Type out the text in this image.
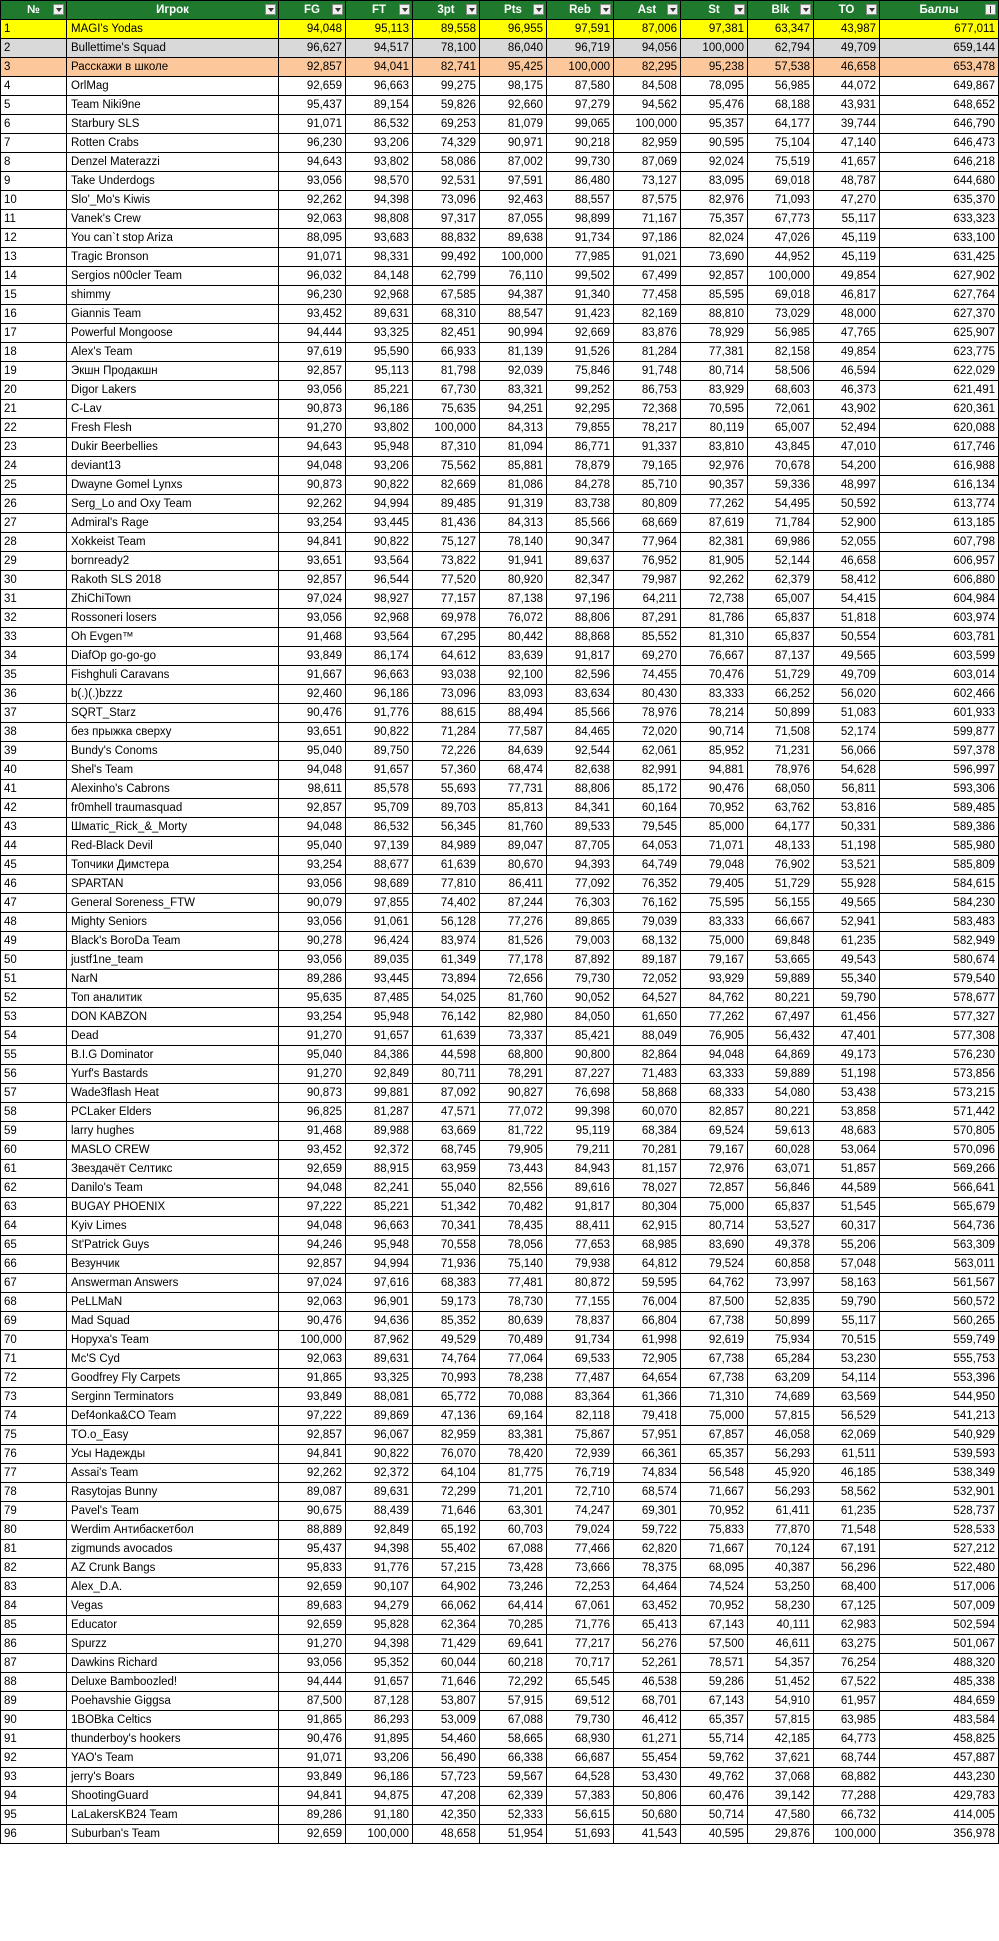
№	Игрок	FG	FT	3pt	Pts	Reb	Ast	St	Blk	TO	Баллы

1	MAGI's Yodas	94,048	95,113	89,558	96,955	97,591	87,006	97,381	63,347	43,987	677,011
2	Bullettime's Squad	96,627	94,517	78,100	86,040	96,719	94,056	100,000	62,794	49,709	659,144
3	Расскажи в школе	92,857	94,041	82,741	95,425	100,000	82,295	95,238	57,538	46,658	653,478
4	OrlMag	92,659	96,663	99,275	98,175	87,580	84,508	78,095	56,985	44,072	649,867
5	Team Niki9ne	95,437	89,154	59,826	92,660	97,279	94,562	95,476	68,188	43,931	648,652
6	Starbury SLS	91,071	86,532	69,253	81,079	99,065	100,000	95,357	64,177	39,744	646,790
7	Rotten Crabs	96,230	93,206	74,329	90,971	90,218	82,959	90,595	75,104	47,140	646,473
8	Denzel Materazzi	94,643	93,802	58,086	87,002	99,730	87,069	92,024	75,519	41,657	646,218
9	Take Underdogs	93,056	98,570	92,531	97,591	86,480	73,127	83,095	69,018	48,787	644,680
10	Slo'_Mo's Kiwis	92,262	94,398	73,096	92,463	88,557	87,575	82,976	71,093	47,270	635,370
11	Vanek's Crew	92,063	98,808	97,317	87,055	98,899	71,167	75,357	67,773	55,117	633,323
12	You can`t stop Ariza	88,095	93,683	88,832	89,638	91,734	97,186	82,024	47,026	45,119	633,100
13	Tragic Bronson	91,071	98,331	99,492	100,000	77,985	91,021	73,690	44,952	45,119	631,425
14	Sergios n00cler Team	96,032	84,148	62,799	76,110	99,502	67,499	92,857	100,000	49,854	627,902
15	shimmy	96,230	92,968	67,585	94,387	91,340	77,458	85,595	69,018	46,817	627,764
16	Giannis Team	93,452	89,631	68,310	88,547	91,423	82,169	88,810	73,029	48,000	627,370
17	Powerful Mongoose	94,444	93,325	82,451	90,994	92,669	83,876	78,929	56,985	47,765	625,907
18	Alex's Team	97,619	95,590	66,933	81,139	91,526	81,284	77,381	82,158	49,854	623,775
19	Экшн Продакшн	92,857	95,113	81,798	92,039	75,846	91,748	80,714	58,506	46,594	622,029
20	Digor Lakers	93,056	85,221	67,730	83,321	99,252	86,753	83,929	68,603	46,373	621,491
21	C-Lav	90,873	96,186	75,635	94,251	92,295	72,368	70,595	72,061	43,902	620,361
22	Fresh Flesh	91,270	93,802	100,000	84,313	79,855	78,217	80,119	65,007	52,494	620,088
23	Dukir Beerbellies	94,643	95,948	87,310	81,094	86,771	91,337	83,810	43,845	47,010	617,746
24	deviant13	94,048	93,206	75,562	85,881	78,879	79,165	92,976	70,678	54,200	616,988
25	Dwayne Gomel Lynxs	90,873	90,822	82,669	81,086	84,278	85,710	90,357	59,336	48,997	616,134
26	Serg_Lo and Oxy Team	92,262	94,994	89,485	91,319	83,738	80,809	77,262	54,495	50,592	613,774
27	Admiral's Rage	93,254	93,445	81,436	84,313	85,566	68,669	87,619	71,784	52,900	613,185
28	Xokkeist Team	94,841	90,822	75,127	78,140	90,347	77,964	82,381	69,986	52,055	607,798
29	bornready2	93,651	93,564	73,822	91,941	89,637	76,952	81,905	52,144	46,658	606,957
30	Rakoth SLS 2018	92,857	96,544	77,520	80,920	82,347	79,987	92,262	62,379	58,412	606,880
31	ZhiChiTown	97,024	98,927	77,157	87,138	97,196	64,211	72,738	65,007	54,415	604,984
32	Rossoneri losers	93,056	92,968	69,978	76,072	88,806	87,291	81,786	65,837	51,818	603,974
33	Oh Evgen™	91,468	93,564	67,295	80,442	88,868	85,552	81,310	65,837	50,554	603,781
34	DiafOp go-go-go	93,849	86,174	64,612	83,639	91,817	69,270	76,667	87,137	49,565	603,599
35	Fishghuli Caravans	91,667	96,663	93,038	92,100	82,596	74,455	70,476	51,729	49,709	603,014
36	b(.)(.)bzzz	92,460	96,186	73,096	83,093	83,634	80,430	83,333	66,252	56,020	602,466
37	SQRT_Starz	90,476	91,776	88,615	88,494	85,566	78,976	78,214	50,899	51,083	601,933
38	без прыжка сверху	93,651	90,822	71,284	77,587	84,465	72,020	90,714	71,508	52,174	599,877
39	Bundy's Conoms	95,040	89,750	72,226	84,639	92,544	62,061	85,952	71,231	56,066	597,378
40	Shel's Team	94,048	91,657	57,360	68,474	82,638	82,991	94,881	78,976	54,628	596,997
41	Alexinho's Cabrons	98,611	85,578	55,693	77,731	88,806	85,172	90,476	68,050	56,811	593,306
42	fr0mhell traumasquad	92,857	95,709	89,703	85,813	84,341	60,164	70,952	63,762	53,816	589,485
43	Шматic_Rick_&_Morty	94,048	86,532	56,345	81,760	89,533	79,545	85,000	64,177	50,331	589,386
44	Red-Black Devil	95,040	97,139	84,989	89,047	87,705	64,053	71,071	48,133	51,198	585,980
45	Топчики Димстера	93,254	88,677	61,639	80,670	94,393	64,749	79,048	76,902	53,521	585,809
46	SPARTAN	93,056	98,689	77,810	86,411	77,092	76,352	79,405	51,729	55,928	584,615
47	General Soreness_FTW	90,079	97,855	74,402	87,244	76,303	76,162	75,595	56,155	49,565	584,230
48	Mighty Seniors	93,056	91,061	56,128	77,276	89,865	79,039	83,333	66,667	52,941	583,483
49	Black's BoroDa Team	90,278	96,424	83,974	81,526	79,003	68,132	75,000	69,848	61,235	582,949
50	justf1ne_team	93,056	89,035	61,349	77,178	87,892	89,187	79,167	53,665	49,543	580,674
51	NarN	89,286	93,445	73,894	72,656	79,730	72,052	93,929	59,889	55,340	579,540
52	Топ аналитик	95,635	87,485	54,025	81,760	90,052	64,527	84,762	80,221	59,790	578,677
53	DON KABZON	93,254	95,948	76,142	82,980	84,050	61,650	77,262	67,497	61,456	577,327
54	Dead	91,270	91,657	61,639	73,337	85,421	88,049	76,905	56,432	47,401	577,308
55	B.I.G Dominator	95,040	84,386	44,598	68,800	90,800	82,864	94,048	64,869	49,173	576,230
56	Yurf's Bastards	91,270	92,849	80,711	78,291	87,227	71,483	63,333	59,889	51,198	573,856
57	Wade3flash Heat	90,873	99,881	87,092	90,827	76,698	58,868	68,333	54,080	53,438	573,215
58	PCLaker Elders	96,825	81,287	47,571	77,072	99,398	60,070	82,857	80,221	53,858	571,442
59	larry hughes	91,468	89,988	63,669	81,722	95,119	68,384	69,524	59,613	48,683	570,805
60	MASLO CREW	93,452	92,372	68,745	79,905	79,211	70,281	79,167	60,028	53,064	570,096
61	Звездачёт Селтикс	92,659	88,915	63,959	73,443	84,943	81,157	72,976	63,071	51,857	569,266
62	Danilo's Team	94,048	82,241	55,040	82,556	89,616	78,027	72,857	56,846	44,589	566,641
63	BUGAY PHOENIX	97,222	85,221	51,342	70,482	91,817	80,304	75,000	65,837	51,545	565,679
64	Kyiv Limes	94,048	96,663	70,341	78,435	88,411	62,915	80,714	53,527	60,317	564,736
65	St'Patrick Guys	94,246	95,948	70,558	78,056	77,653	68,985	83,690	49,378	55,206	563,309
66	Везунчик	92,857	94,994	71,936	75,140	79,938	64,812	79,524	60,858	57,048	563,011
67	Answerman Answers	97,024	97,616	68,383	77,481	80,872	59,595	64,762	73,997	58,163	561,567
68	PeLLMaN	92,063	96,901	59,173	78,730	77,155	76,004	87,500	52,835	59,790	560,572
69	Mad Squad	90,476	94,636	85,352	80,639	78,837	66,804	67,738	50,899	55,117	560,265
70	Норуха's Team	100,000	87,962	49,529	70,489	91,734	61,998	92,619	75,934	70,515	559,749
71	Mc'S Cyd	92,063	89,631	74,764	77,064	69,533	72,905	67,738	65,284	53,230	555,753
72	Goodfrey Fly Carpets	91,865	93,325	70,993	78,238	77,487	64,654	67,738	63,209	54,114	553,396
73	Serginn Terminators	93,849	88,081	65,772	70,088	83,364	61,366	71,310	74,689	63,569	544,950
74	Def4onka&CO Team	97,222	89,869	47,136	69,164	82,118	79,418	75,000	57,815	56,529	541,213
75	TO.o_Easy	92,857	96,067	82,959	83,381	75,867	57,951	67,857	46,058	62,069	540,929
76	Усы Надежды	94,841	90,822	76,070	78,420	72,939	66,361	65,357	56,293	61,511	539,593
77	Assai's Team	92,262	92,372	64,104	81,775	76,719	74,834	56,548	45,920	46,185	538,349
78	Rasytojas Bunny	89,087	89,631	72,299	71,201	72,710	68,574	71,667	56,293	58,562	532,901
79	Pavel's Team	90,675	88,439	71,646	63,301	74,247	69,301	70,952	61,411	61,235	528,737
80	Werdim Антибаскетбол	88,889	92,849	65,192	60,703	79,024	59,722	75,833	77,870	71,548	528,533
81	zigmunds avocados	95,437	94,398	55,402	67,088	77,466	62,820	71,667	70,124	67,191	527,212
82	AZ Crunk Bangs	95,833	91,776	57,215	73,428	73,666	78,375	68,095	40,387	56,296	522,480
83	Alex_D.A.	92,659	90,107	64,902	73,246	72,253	64,464	74,524	53,250	68,400	517,006
84	Vegas	89,683	94,279	66,062	64,414	67,061	63,452	70,952	58,230	67,125	507,009
85	Educator	92,659	95,828	62,364	70,285	71,776	65,413	67,143	40,111	62,983	502,594
86	Spurzz	91,270	94,398	71,429	69,641	77,217	56,276	57,500	46,611	63,275	501,067
87	Dawkins Richard	93,056	95,352	60,044	60,218	70,717	52,261	78,571	54,357	76,254	488,320
88	Deluxe Bamboozled!	94,444	91,657	71,646	72,292	65,545	46,538	59,286	51,452	67,522	485,338
89	Poehavshie Giggsa	87,500	87,128	53,807	57,915	69,512	68,701	67,143	54,910	61,957	484,659
90	1BOBka Celtics	91,865	86,293	53,009	67,088	79,730	46,412	65,357	57,815	63,985	483,584
91	thunderboy's hookers	90,476	91,895	54,460	58,665	68,930	61,271	55,714	42,185	64,773	458,825
92	YAO's Team	91,071	93,206	56,490	66,338	66,687	55,454	59,762	37,621	68,744	457,887
93	jerry's Boars	93,849	96,186	57,723	59,567	64,528	53,430	49,762	37,068	68,882	443,230
94	ShootingGuard	94,841	94,875	47,208	62,339	57,383	50,806	60,476	39,142	77,288	429,783
95	LaLakersKB24 Team	89,286	91,180	42,350	52,333	56,615	50,680	50,714	47,580	66,732	414,005
96	Suburban's Team	92,659	100,000	48,658	51,954	51,693	41,543	40,595	29,876	100,000	356,978
